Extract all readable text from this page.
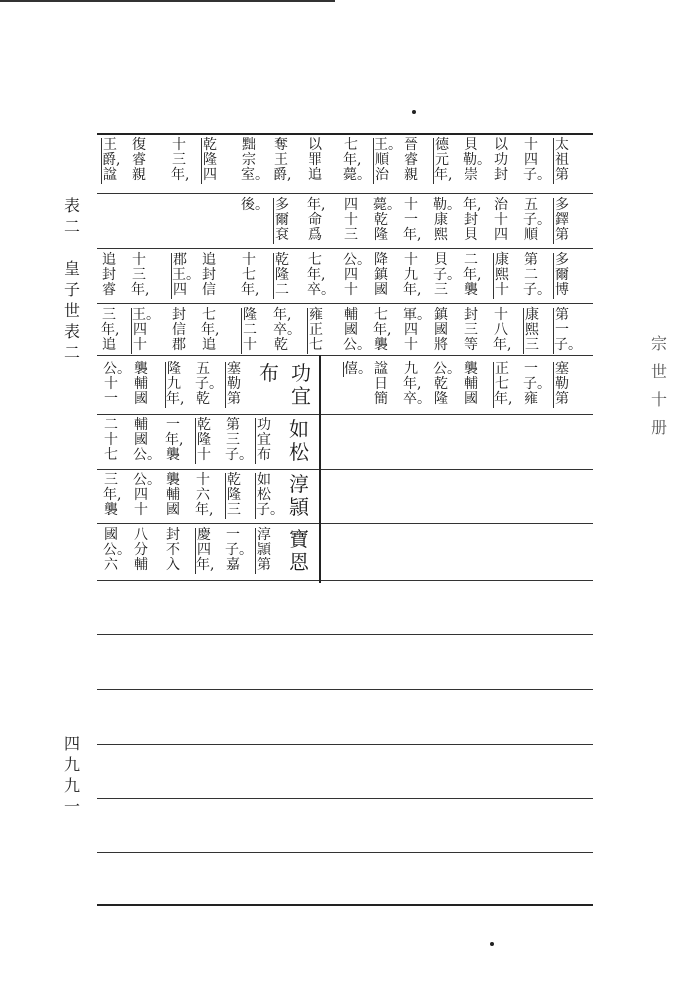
表二
皇子世表二
四九九一
宗世十 册
太祖第
十四子。
以功封
貝勒。崇
德元年,
晉睿親
王。順治
七年,薨。
以罪追
奪王爵,
黜宗室。
乾隆四
十三年,
復睿親
王爵,諡
多鐸第
五子。順
治十四
年,封貝
勒。康熙
十一年,
薨。乾隆
四十三
年,命爲
多爾袞
後。
多爾博
第二子。
康熙十
二年,襲
貝子。三
十九年,
降鎮國
公。四十
七年,卒。
乾隆二
十七年,
追封信
郡王。四
十三年,
追封睿
第一子。
康熙三
十八年,
封三等
鎮國將
軍。四十
七年,襲
輔國公。
雍正七
年,卒。乾
隆二十
七年,追
封信郡
王。四十
三年,追
塞勒第
一子。雍
正七年,
襲輔國
公。乾隆
九年,卒。
諡日簡
僖。
功宜
布
塞勒第
五子。乾
隆九年,
襲輔國
公。十一
如松
功宜布
第三子。
乾隆十
一年,襲
輔國公。
二十七
淳頴
如松子。
乾隆三
十六年,
襲輔國
公。四十
三年,襲
寶恩
淳頴第
一子。嘉
慶四年,
封不入
八分輔
國公。六
